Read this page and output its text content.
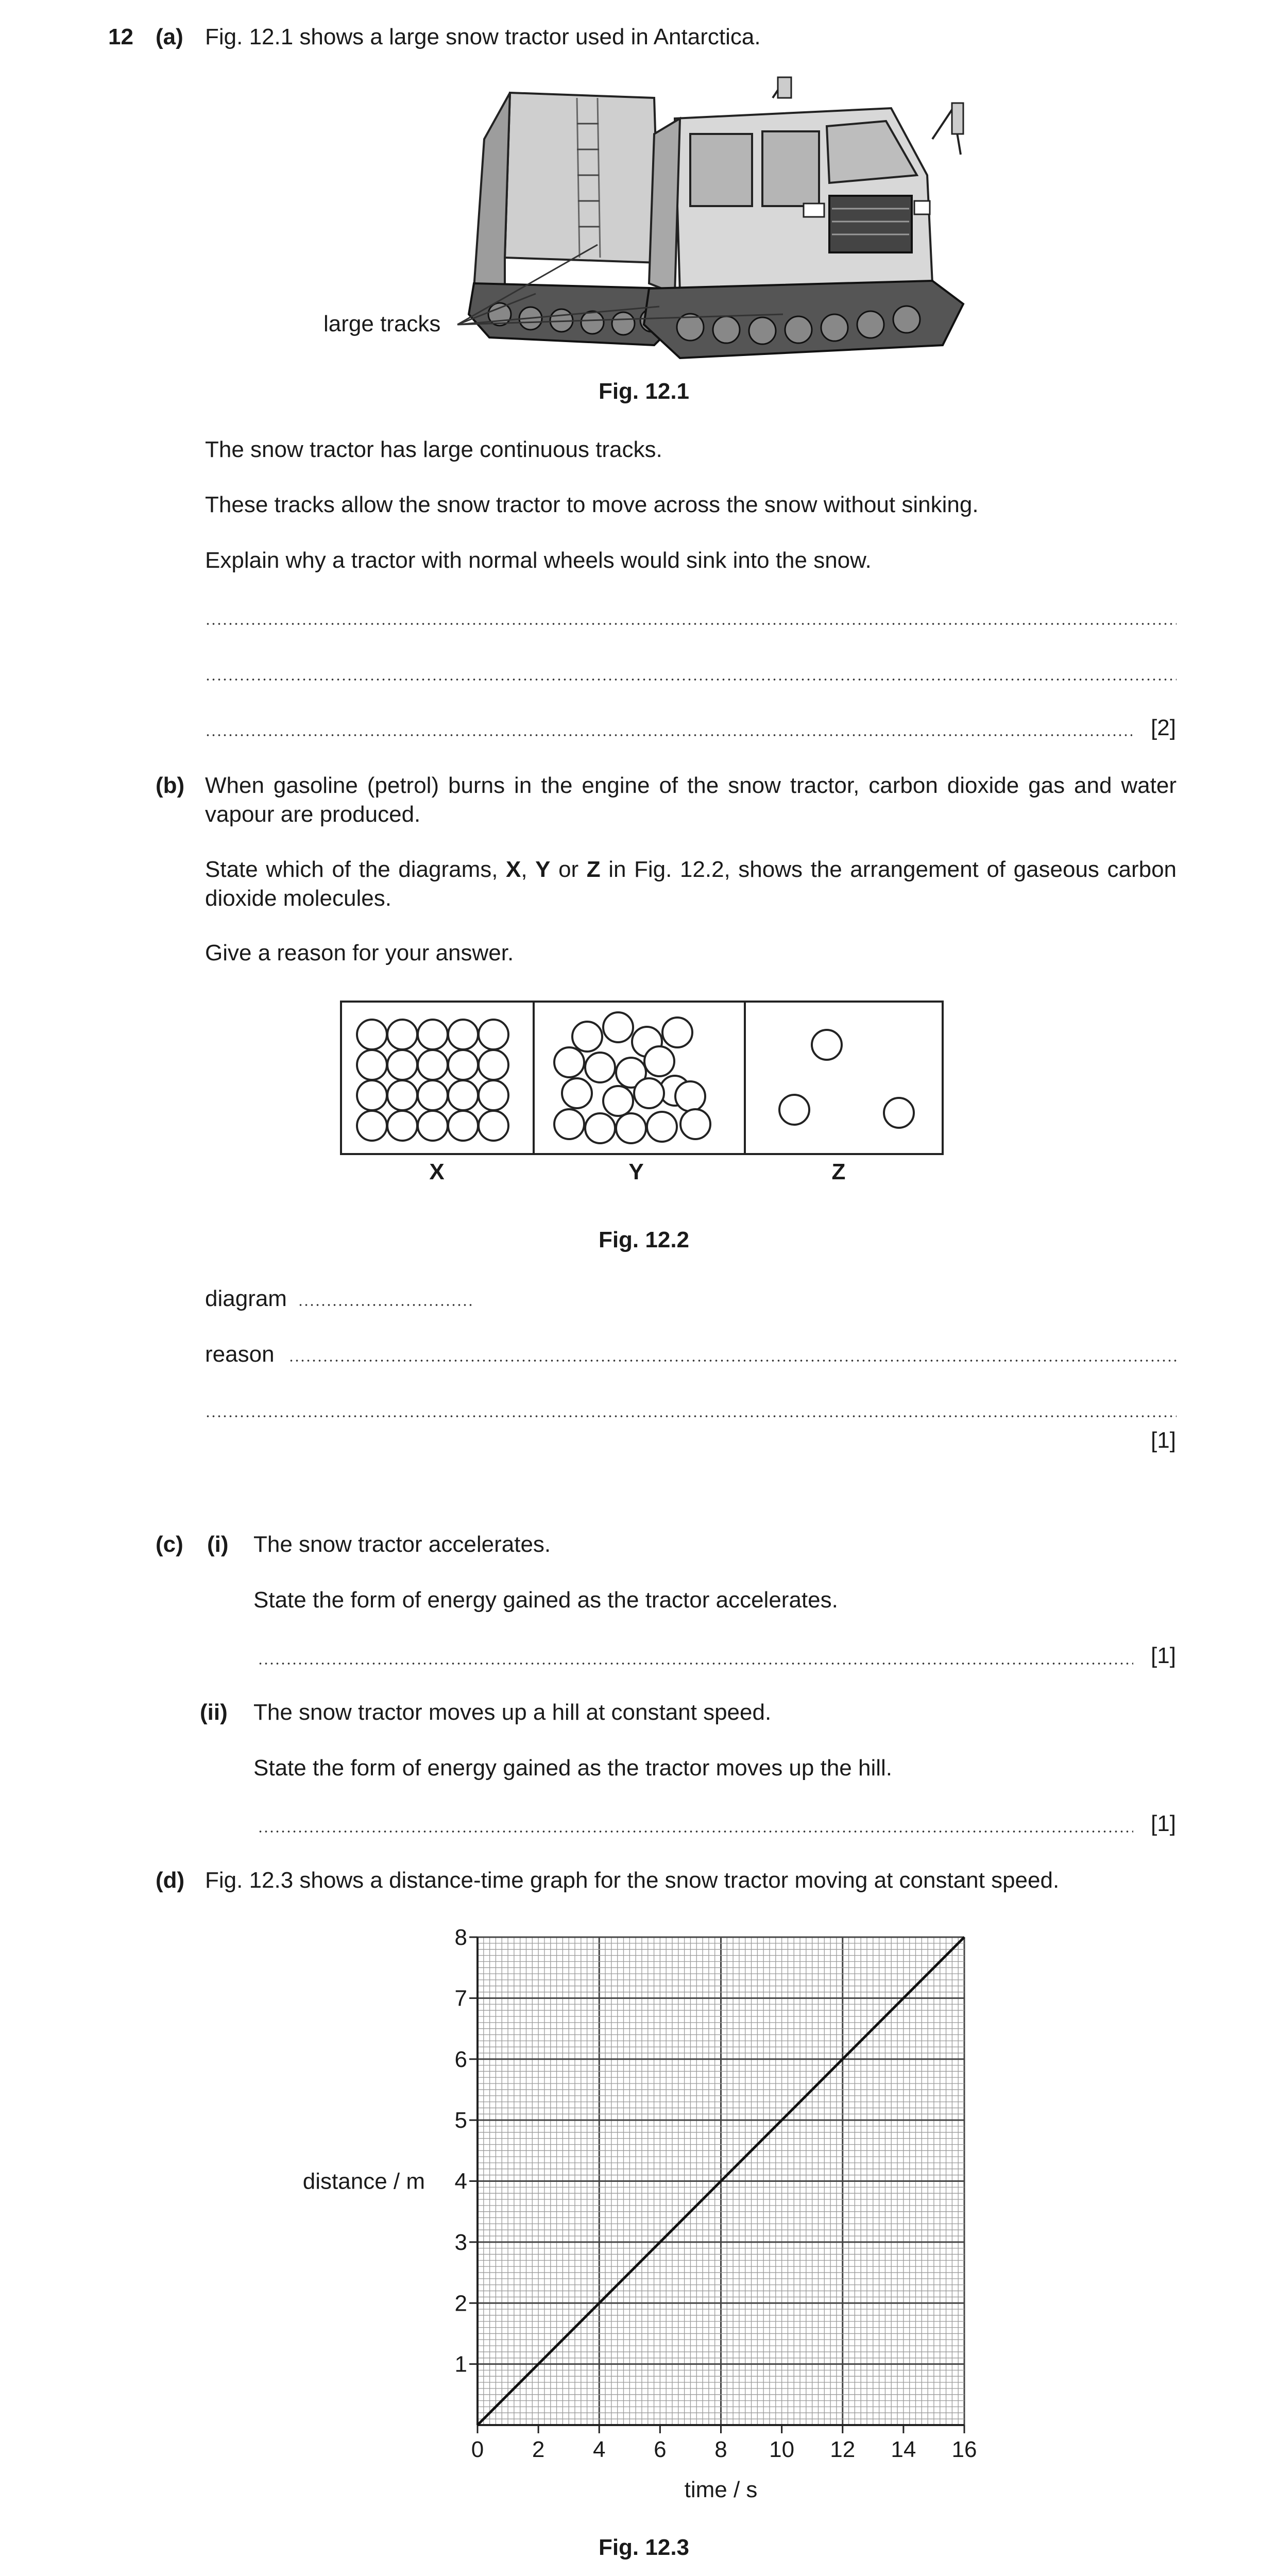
12 (a) Fig. 12.1 shows a large snow tractor used in Antarctica.
large tracks
Fig. 12.1
The snow tractor has large continuous tracks.
These tracks allow the snow tractor to move across the snow without sinking.
Explain why a tractor with normal wheels would sink into the snow.
[2]
(b) When gasoline (petrol) burns in the engine of the snow tractor, carbon dioxide gas and water vapour are produced.
State which of the diagrams, X, Y or Z in Fig. 12.2, shows the arrangement of gaseous carbon dioxide molecules.
Give a reason for your answer.
X	Y	Z
Fig. 12.2
diagram
reason
[1]
(c) (i) The snow tractor accelerates.
State the form of energy gained as the tractor accelerates.
[1]
(ii) The snow tractor moves up a hill at constant speed.
State the form of energy gained as the tractor moves up the hill.
[1]
(d) Fig. 12.3 shows a distance-time graph for the snow tractor moving at constant speed.
0 2 4 6 8 10 12 14 16
1
2
3
4
5
6
7
8
time / s
distance / m
Fig. 12.3
